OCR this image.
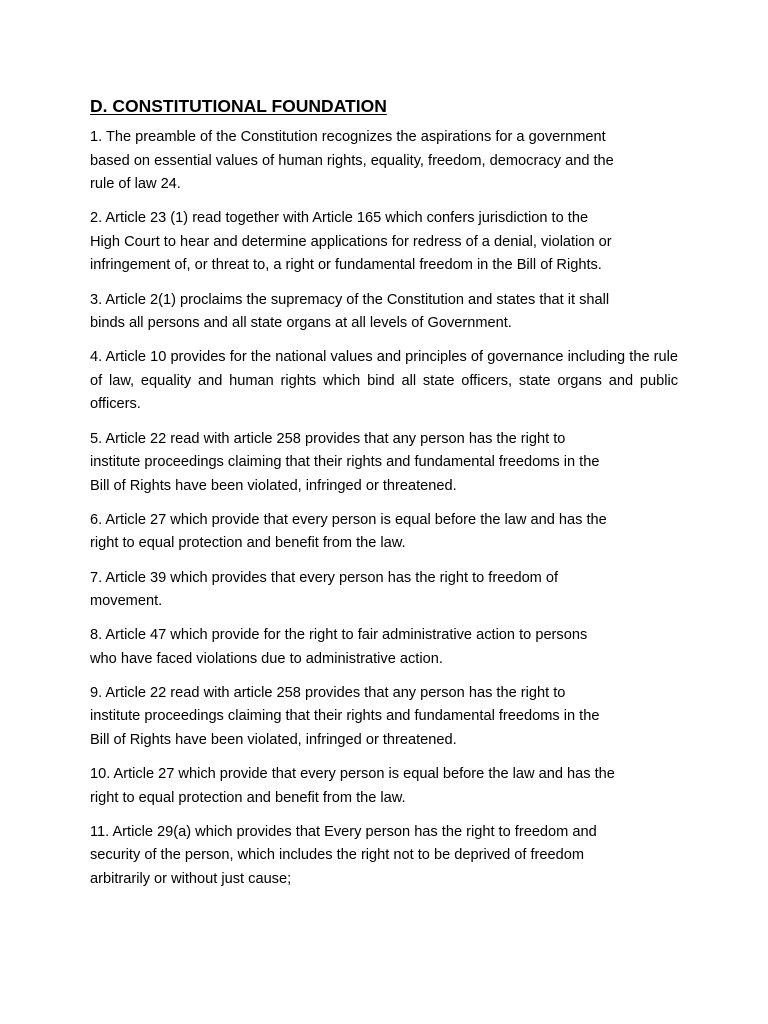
D. CONSTITUTIONAL FOUNDATION

1. The preamble of the Constitution recognizes the aspirations for a government
based on essential values of human rights, equality, freedom, democracy and the
rule of law 24.

2. Article 23 (1) read together with Article 165 which confers jurisdiction to the
High Court to hear and determine applications for redress of a denial, violation or
infringement of, or threat to, a right or fundamental freedom in the Bill of Rights.

3. Article 2(1) proclaims the supremacy of the Constitution and states that it shall
binds all persons and all state organs at all levels of Government.

4. Article 10 provides for the national values and principles of governance including the rule of law, equality and human rights which bind all state officers, state organs and public officers.

5. Article 22 read with article 258 provides that any person has the right to
institute proceedings claiming that their rights and fundamental freedoms in the
Bill of Rights have been violated, infringed or threatened.

6. Article 27 which provide that every person is equal before the law and has the
right to equal protection and benefit from the law.

7. Article 39 which provides that every person has the right to freedom of
movement.

8. Article 47 which provide for the right to fair administrative action to persons
who have faced violations due to administrative action.

9. Article 22 read with article 258 provides that any person has the right to
institute proceedings claiming that their rights and fundamental freedoms in the
Bill of Rights have been violated, infringed or threatened.

10. Article 27 which provide that every person is equal before the law and has the
right to equal protection and benefit from the law.

11. Article 29(a) which provides that Every person has the right to freedom and
security of the person, which includes the right not to be deprived of freedom
arbitrarily or without just cause;
